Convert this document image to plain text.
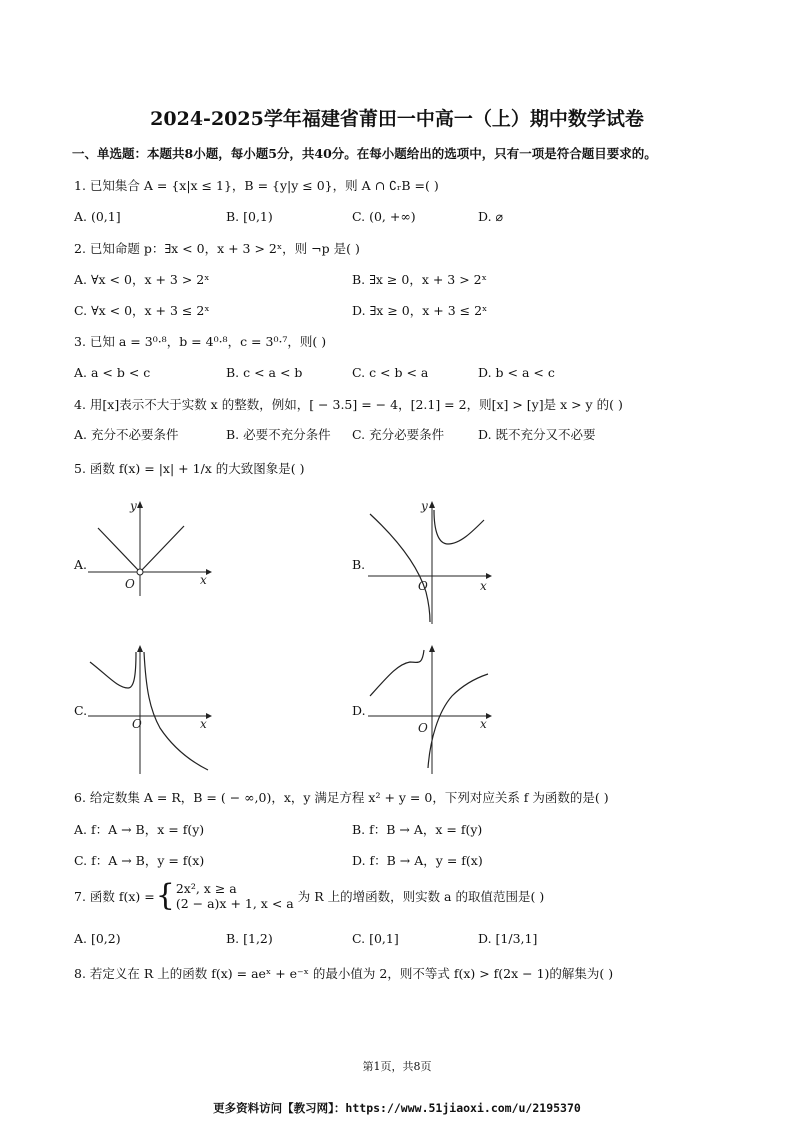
2024-2025学年福建省莆田一中高一（上）期中数学试卷
一、单选题：本题共8小题，每小题5分，共40分。在每小题给出的选项中，只有一项是符合题目要求的。
1. 已知集合 A = {x|x ≤ 1}，B = {y|y ≤ 0}，则 A ∩ ∁ᵣB =( )
A. (0,1]	B. [0,1)	C. (0, +∞)	D. ⌀
2. 已知命题 p：∃x < 0，x + 3 > 2ˣ，则 ¬p 是( )
A. ∀x < 0，x + 3 > 2ˣ	B. ∃x ≥ 0，x + 3 > 2ˣ
C. ∀x < 0，x + 3 ≤ 2ˣ	D. ∃x ≥ 0，x + 3 ≤ 2ˣ
3. 已知 a = 3⁰·⁸，b = 4⁰·⁸，c = 3⁰·⁷，则( )
A. a < b < c	B. c < a < b	C. c < b < a	D. b < a < c
4. 用[x]表示不大于实数 x 的整数，例如，[ − 3.5] = − 4，[2.1] = 2，则[x] > [y]是 x > y 的( )
A. 充分不必要条件	B. 必要不充分条件 C. 充分必要条件	D. 既不充分又不必要
5. 函数 f(x) = |x| + 1/x 的大致图象是( )
A.
x
y
O
B.
x
y
O
C.
x
O
D.
x
O
6. 给定数集 A = R，B = ( − ∞,0)，x，y 满足方程 x² + y = 0，下列对应关系 f 为函数的是( )
A. f：A → B，x = f(y)	B. f：B → A，x = f(y)
C. f：A → B，y = f(x)	D. f：B → A，y = f(x)
7. 函数 f(x) = { 2x², x ≥ a
(2 − a)x + 1, x < a 为 R 上的增函数，则实数 a 的取值范围是( )
A. [0,2)	B. [1,2)	C. [0,1]	D. [1/3,1]
8. 若定义在 R 上的函数 f(x) = aeˣ + e⁻ˣ 的最小值为 2，则不等式 f(x) > f(2x − 1)的解集为( )
第1页，共8页
更多资料访问【教习网】：https://www.51jiaoxi.com/u/2195370
